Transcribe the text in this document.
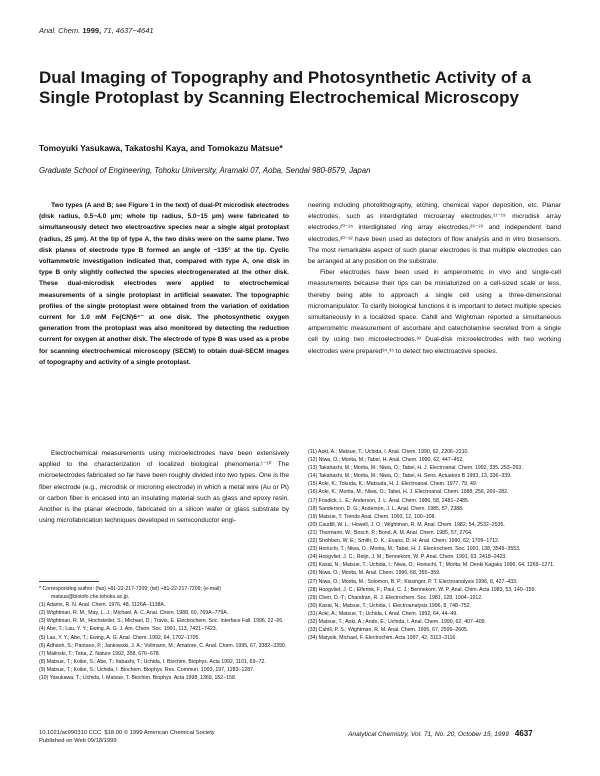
Anal. Chem. 1999, 71, 4637−4641
Dual Imaging of Topography and Photosynthetic Activity of a Single Protoplast by Scanning Electrochemical Microscopy
Tomoyuki Yasukawa, Takatoshi Kaya, and Tomokazu Matsue*
Graduate School of Engineering, Tohoku University, Aramaki 07, Aoba, Sendai 980-8579, Japan

Two types (A and B; see Figure 1 in the text) of dual-Pt microdisk electrodes (disk radius, 0.5−4.0 μm; whole tip radius, 5.0−15 μm) were fabricated to simultaneously detect two electroactive species near a single algal protoplast (radius, 25 μm). At the tip of type A, the two disks were on the same plane. Two disk planes of electrode type B formed an angle of ~135° at the tip. Cyclic voltammetric investigation indicated that, compared with type A, one disk in type B only slightly collected the species electrogenerated at the other disk. These dual-microdisk electrodes were applied to electrochemical measurements of a single protoplast in artificial seawater. The topographic profiles of the single protoplast were obtained from the variation of oxidation current for 1.0 mM Fe(CN)6⁴⁻ at one disk. The photosynthetic oxygen generation from the protoplast was also monitored by detecting the reduction current for oxygen at another disk. The electrode of type B was used as a probe for scanning electrochemical microscopy (SECM) to obtain dual-SECM images of topography and activity of a single protoplast.

Electrochemical measurements using microelectrodes have been extensively applied to the characterization of localized biological phenomena.¹⁻¹⁰ The microelectrodes fabricated so far have been roughly divided into two types. One is the fiber electrode (e.g., microdisk or microring electrode) in which a metal wire (Au or Pt) or carbon fiber is encased into an insulating material such as glass and epoxy resin. Another is the planar electrode, fabricated on a silicon wafer or glass substrate by using microfabrication techniques developed in semiconductor engi-

neering including photolithography, etching, chemical vapor deposition, etc. Planar electrodes, such as interdigitated microarray electrodes,¹¹⁻¹⁹ microdisk array electrodes,²⁰⁻²⁵ interdigitated ring array electrodes,²⁶⁻²⁹ and independent band electrodes,³⁰⁻³² have been used as detectors of flow analysis and in vitro biosensors. The most remarkable aspect of such planar electrodes is that multiple electrodes can be arranged at any position on the substrate.

Fiber electrodes have been used in amperometric in vivo and single-cell measurements because their tips can be miniaturized on a cell-sized scale or less, thereby being able to approach a single cell using a three-dimensional micromanipulator. To clarify biological functions it is important to detect multiple species simultaneously in a localized space. Cahill and Wightman reported a simultaneous amperometric measurement of ascorbate and catecholamine secreted from a single cell by using two microelectrodes.³³ Dual-disk microelectrodes with two working electrodes were prepared³⁴,³⁵ to detect two electroactive species.

* Corresponding author: (fax) +81-22-217-7209; (tel) +81-22-217-7209; (e-mail) matsue@bioinfo.che.tohoku.ac.jp.
(1) Adams, R. N. Anal. Chem. 1976, 48, 1126A−1138A.
(2) Wightman, R. M.; May, L. J.; Michael, A. C. Anal. Chem. 1988, 60, 769A−779A.
(3) Wightman, R. M.; Hochstetler, S.; Michael, D.; Travis, E. Electrochem. Soc. Interface Fall. 1996, 22−26.
(4) Abe, T.; Lau, Y. Y.; Ewing, A. G. J. Am. Chem. Soc. 1991, 113, 7421−7423.
(5) Lau, Y. Y.; Abe, T.; Ewing, A. G. Anal. Chem. 1992, 64, 1702−1705.
(6) Adhanh, S.; Pantano, P.; Jankowski, J. A.; Vollmann, M.; Amatore, C. Anal. Chem. 1995, 67, 3382−3390.
(7) Malinski, T.; Taha, Z. Nature 1992, 358, 676−678.
(8) Matsue, T.; Koike, S.; Abe, T.; Itabashi, T.; Uchida, I. Biochim. Biophys. Acta 1992, 1101, 69−72.
(9) Matsue, T.; Koike, S.; Uchida, I. Biochem. Biophys. Res. Commun. 1993, 197, 1283−1287.
(10) Yasukawa, T.; Uchida, I. Matsue, T. Biochim. Biophys. Acta 1998, 1369, 152−158.
(11) Aoki, A.; Matsue, T.; Uchida, I. Anal. Chem. 1990, 62, 2206−2210.
(12) Niwa, O.; Morita, M.; Tabei, H. Anal. Chem. 1990, 62, 447−452.
(13) Takahashi, M.; Morita, M.; Niwa, O.; Tabei, H. J. Electroanal. Chem. 1992, 335, 253−263.
(14) Takahashi, M.; Morita, M.; Niwa, O.; Tabei, H. Sens. Actuators B 1993, 13, 336−339.
(15) Aoki, K.; Tokuda, K.; Matsuda, H. J. Electroanal. Chem. 1977, 79, 49.
(16) Aoki, K.; Morita, M.; Niwa, O.; Tabei, H. J. Electroanal. Chem. 1988, 256, 269−282.
(17) Fosdick, L. E.; Anderson, J. L. Anal. Chem. 1986, 58, 2481−2485.
(18) Sanderson, D. G.; Anderson, J. L. Anal. Chem. 1985, 57, 2388.
(19) Matsue, T. Trends Anal. Chem. 1993, 12, 100−108.
(20) Caudill, W. L.; Howell, J. O.; Wightman, R. M. Anal. Chem. 1982, 54, 2532−2535.
(21) Thormann, W.; Bosch, P.; Bond, A. M. Anal. Chem. 1985, 57, 2764.
(22) Strohben, W. E.; Smith, D. K.; Evans, D. H. Anal. Chem. 1990, 62, 1709−1712.
(23) Horiuchi, T.; Niwa, O.; Morita, M.; Tabei, H. J. Electrochem. Soc. 1991, 138, 3549−3553.
(24) Hoogvliet, J. C.; Reijn, J. M.; Bennekom, W. P. Anal. Chem. 1991, 63, 2418−2423.
(25) Kasai, N.; Matsue, T.; Uchida, I.; Niwa, O.; Horiuchi, T.; Morita, M. Denki Kagaku 1996, 64, 1269−1271.
(26) Niwa, O.; Morita, M. Anal. Chem. 1996, 68, 355−359.
(27) Niwa, O.; Morita, M.; Solomon, B. P.; Kissinger, P. T. Electroanalysis 1996, 8, 427−433.
(28) Hoogvliet, J. C.; Elferink, F.; Paul, C. J.; Bennekom, W. P. Anal. Chim. Acta 1983, 53, 149−159.
(29) Chen, D.-T.; Chandran, R. J. Electrochem. Soc. 1981, 128, 1904−1912.
(30) Kasai, N.; Matsue, T.; Uchida, I. Electroanalysis 1996, 8, 748−752.
(31) Aoki, A.; Matsue, T.; Uchida, I. Anal. Chem. 1992, 64, 44−49.
(32) Matsue, T.; Aoki, A.; Ando, E.; Uchida, I. Anal. Chem. 1990, 62, 407−409.
(33) Cahill, P. S.; Wightman, R. M. Anal. Chem. 1995, 67, 2599−2605.
(34) Matysik, Michael, F. Electrochim. Acta 1997, 42, 3113−3116.
10.1021/ac990310 CCC: $18.00 © 1999 American Chemical Society
Published on Web 09/18/1999
Analytical Chemistry, Vol. 71, No. 20, October 15, 1999 4637
